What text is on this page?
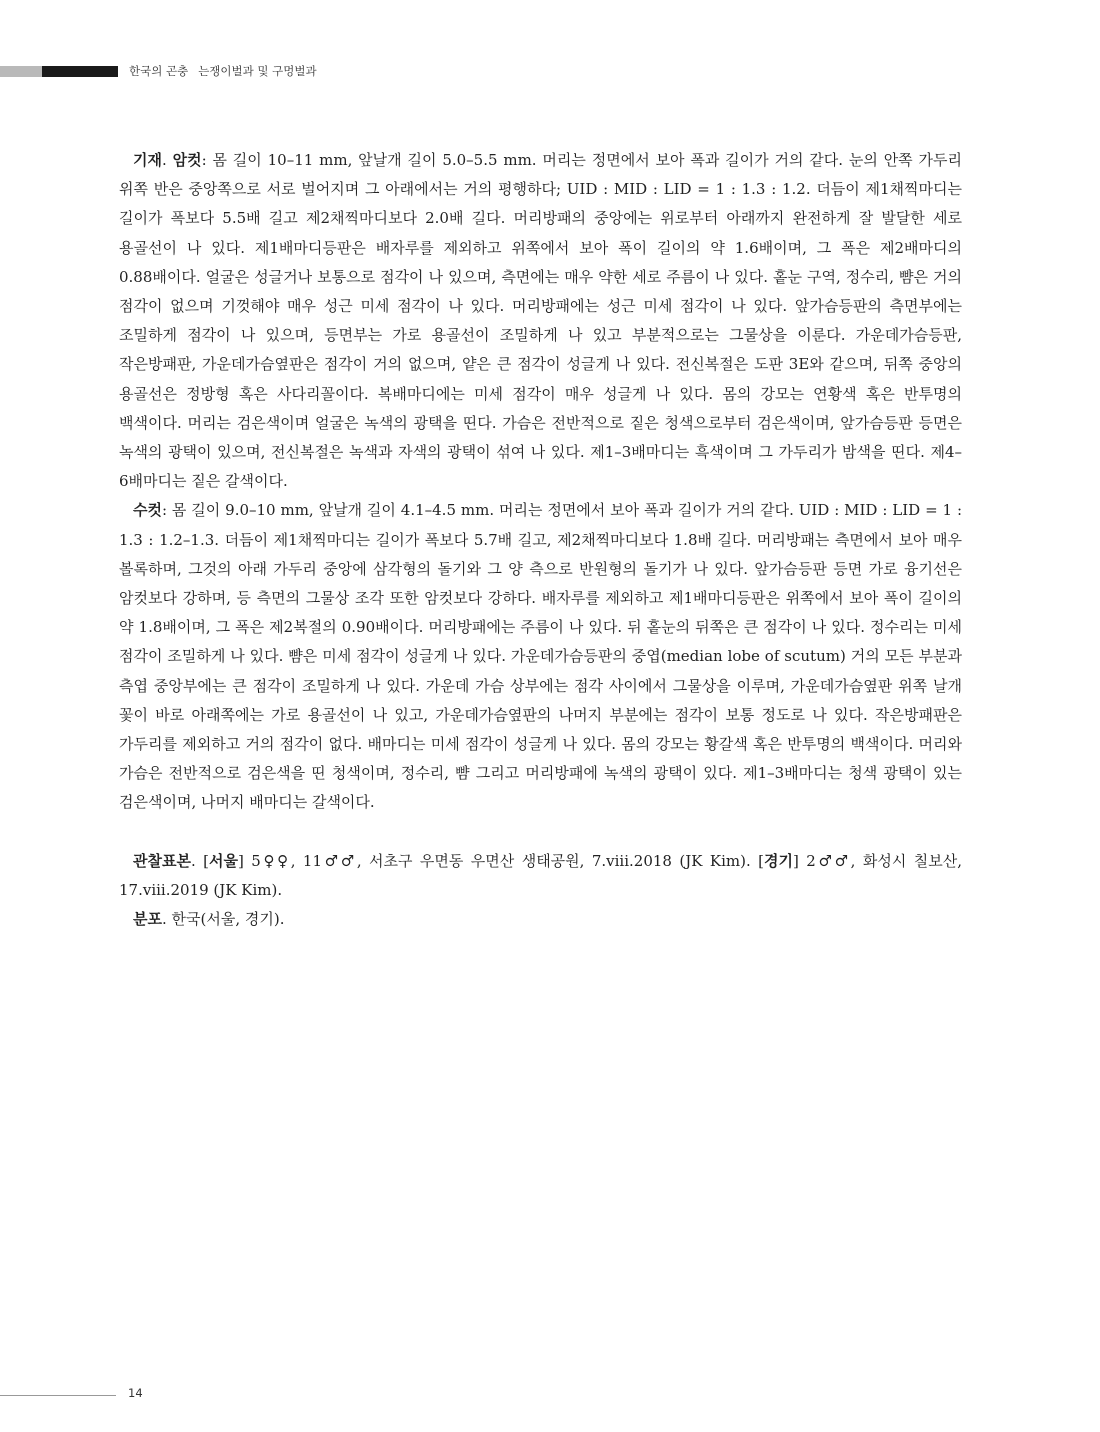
한국의 곤충 는쟁이벌과 및 구멍벌과

기재. 암컷: 몸 길이 10–11 mm, 앞날개 길이 5.0–5.5 mm. 머리는 정면에서 보아 폭과 길이가 거의 같다. 눈의 안쪽 가두리 위쪽 반은 중앙쪽으로 서로 벌어지며 그 아래에서는 거의 평행하다; UID : MID : LID = 1 : 1.3 : 1.2. 더듬이 제1채찍마디는 길이가 폭보다 5.5배 길고 제2채찍마디보다 2.0배 길다. 머리방패의 중앙에는 위로부터 아래까지 완전하게 잘 발달한 세로 용골선이 나 있다. 제1배마디등판은 배자루를 제외하고 위쪽에서 보아 폭이 길이의 약 1.6배이며, 그 폭은 제2배마디의 0.88배이다. 얼굴은 성글거나 보통으로 점각이 나 있으며, 측면에는 매우 약한 세로 주름이 나 있다. 홑눈 구역, 정수리, 뺨은 거의 점각이 없으며 기껏해야 매우 성근 미세 점각이 나 있다. 머리방패에는 성근 미세 점각이 나 있다. 앞가슴등판의 측면부에는 조밀하게 점각이 나 있으며, 등면부는 가로 용골선이 조밀하게 나 있고 부분적으로는 그물상을 이룬다. 가운데가슴등판, 작은방패판, 가운데가슴옆판은 점각이 거의 없으며, 얕은 큰 점각이 성글게 나 있다. 전신복절은 도판 3E와 같으며, 뒤쪽 중앙의 용골선은 정방형 혹은 사다리꼴이다. 복배마디에는 미세 점각이 매우 성글게 나 있다. 몸의 강모는 연황색 혹은 반투명의 백색이다. 머리는 검은색이며 얼굴은 녹색의 광택을 띤다. 가슴은 전반적으로 짙은 청색으로부터 검은색이며, 앞가슴등판 등면은 녹색의 광택이 있으며, 전신복절은 녹색과 자색의 광택이 섞여 나 있다. 제1–3배마디는 흑색이며 그 가두리가 밤색을 띤다. 제4–6배마디는 짙은 갈색이다.

수컷: 몸 길이 9.0–10 mm, 앞날개 길이 4.1–4.5 mm. 머리는 정면에서 보아 폭과 길이가 거의 같다. UID : MID : LID = 1 : 1.3 : 1.2–1.3. 더듬이 제1채찍마디는 길이가 폭보다 5.7배 길고, 제2채찍마디보다 1.8배 길다. 머리방패는 측면에서 보아 매우 볼록하며, 그것의 아래 가두리 중앙에 삼각형의 돌기와 그 양 측으로 반원형의 돌기가 나 있다. 앞가슴등판 등면 가로 융기선은 암컷보다 강하며, 등 측면의 그물상 조각 또한 암컷보다 강하다. 배자루를 제외하고 제1배마디등판은 위쪽에서 보아 폭이 길이의 약 1.8배이며, 그 폭은 제2복절의 0.90배이다. 머리방패에는 주름이 나 있다. 뒤 홑눈의 뒤쪽은 큰 점각이 나 있다. 정수리는 미세 점각이 조밀하게 나 있다. 뺨은 미세 점각이 성글게 나 있다. 가운데가슴등판의 중엽(median lobe of scutum) 거의 모든 부분과 측엽 중앙부에는 큰 점각이 조밀하게 나 있다. 가운데 가슴 상부에는 점각 사이에서 그물상을 이루며, 가운데가슴옆판 위쪽 날개 꽃이 바로 아래쪽에는 가로 용골선이 나 있고, 가운데가슴옆판의 나머지 부분에는 점각이 보통 정도로 나 있다. 작은방패판은 가두리를 제외하고 거의 점각이 없다. 배마디는 미세 점각이 성글게 나 있다. 몸의 강모는 황갈색 혹은 반투명의 백색이다. 머리와 가슴은 전반적으로 검은색을 띤 청색이며, 정수리, 뺨 그리고 머리방패에 녹색의 광택이 있다. 제1–3배마디는 청색 광택이 있는 검은색이며, 나머지 배마디는 갈색이다.

관찰표본. [서울] 5♀♀, 11♂♂, 서초구 우면동 우면산 생태공원, 7.viii.2018 (JK Kim). [경기] 2♂♂, 화성시 칠보산, 17.viii.2019 (JK Kim).

분포. 한국(서울, 경기).

14
